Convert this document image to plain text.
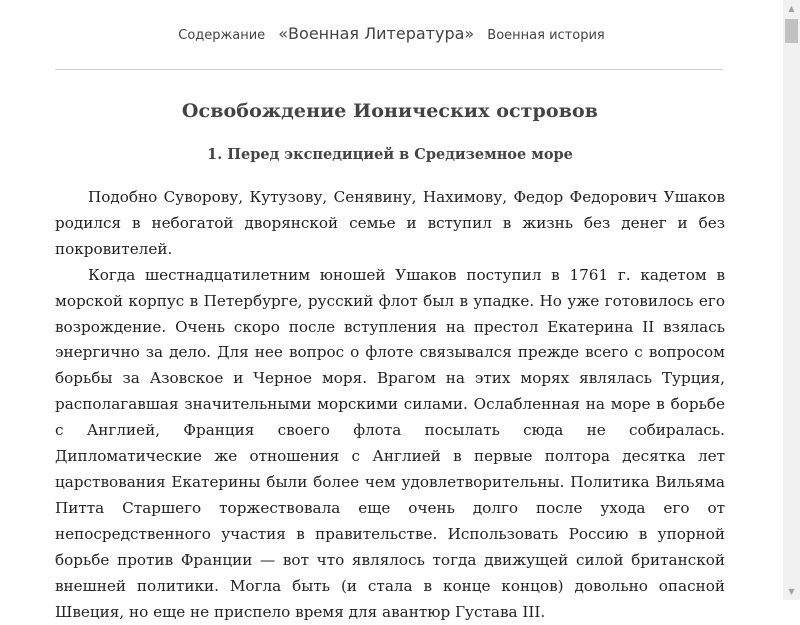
Содержание «Военная Литература» Военная история
Освобождение Ионических островов
1. Перед экспедицией в Средиземное море

Подобно Суворову, Кутузову, Сенявину, Нахимову, Федор Федорович Ушаков родился в небогатой дворянской семье и вступил в жизнь без денег и без покровителей.

Когда шестнадцатилетним юношей Ушаков поступил в 1761 г. кадетом в морской корпус в Петербурге, русский флот был в упадке. Но уже готовилось его возрождение. Очень скоро после вступления на престол Екатерина II взялась энергично за дело. Для нее вопрос о флоте связывался прежде всего с вопросом борьбы за Азовское и Черное моря. Врагом на этих морях являлась Турция, располагавшая значительными морскими силами. Ослабленная на море в борьбе с Англией, Франция своего флота посылать сюда не собиралась. Дипломатические же отношения с Англией в первые полтора десятка лет царствования Екатерины были более чем удовлетворительны. Политика Вильяма Питта Старшего торжествовала еще очень долго после ухода его от непосредственного участия в правительстве. Использовать Россию в упорной борьбе против Франции — вот что являлось тогда движущей силой британской внешней политики. Могла быть (и стала в конце концов) довольно опасной Швеция, но еще не приспело время для авантюр Густава III.

▲
▼
